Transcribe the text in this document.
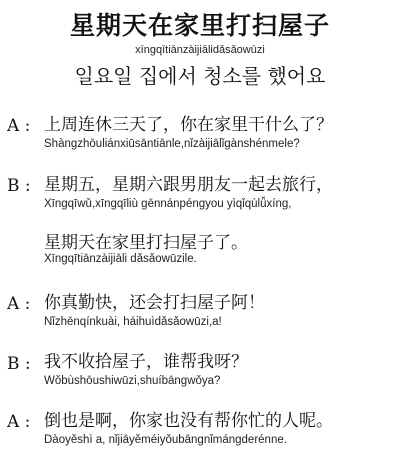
星期天在家里打扫屋子
xīngqītiānzàijiālidǎsǎowūzi
일요일 집에서 청소를 했어요
A : 上周连休三天了，你在家里干什么了？
Shàngzhōuliánxiūsāntiānle,nǐzàijiālǐgànshénmele?
B : 星期五，星期六跟男朋友一起去旅行，
Xīngqīwǔ,xīngqīliù gēnnánpéngyou yìqǐqùlǚxíng,
星期天在家里打扫屋子了。
Xīngqītiānzàijiāli dǎsǎowūzile.
A : 你真勤快，还会打扫屋子阿！
Nǐzhēnqínkuài, háihuìdǎsǎowūzi,a!
B : 我不收拾屋子，谁帮我呀？
Wǒbùshōushiwūzi,shuíbāngwǒya?
A : 倒也是啊，你家也没有帮你忙的人呢。
Dàoyěshì a, nǐjiāyěméiyǒubāngnǐmángderénne.
